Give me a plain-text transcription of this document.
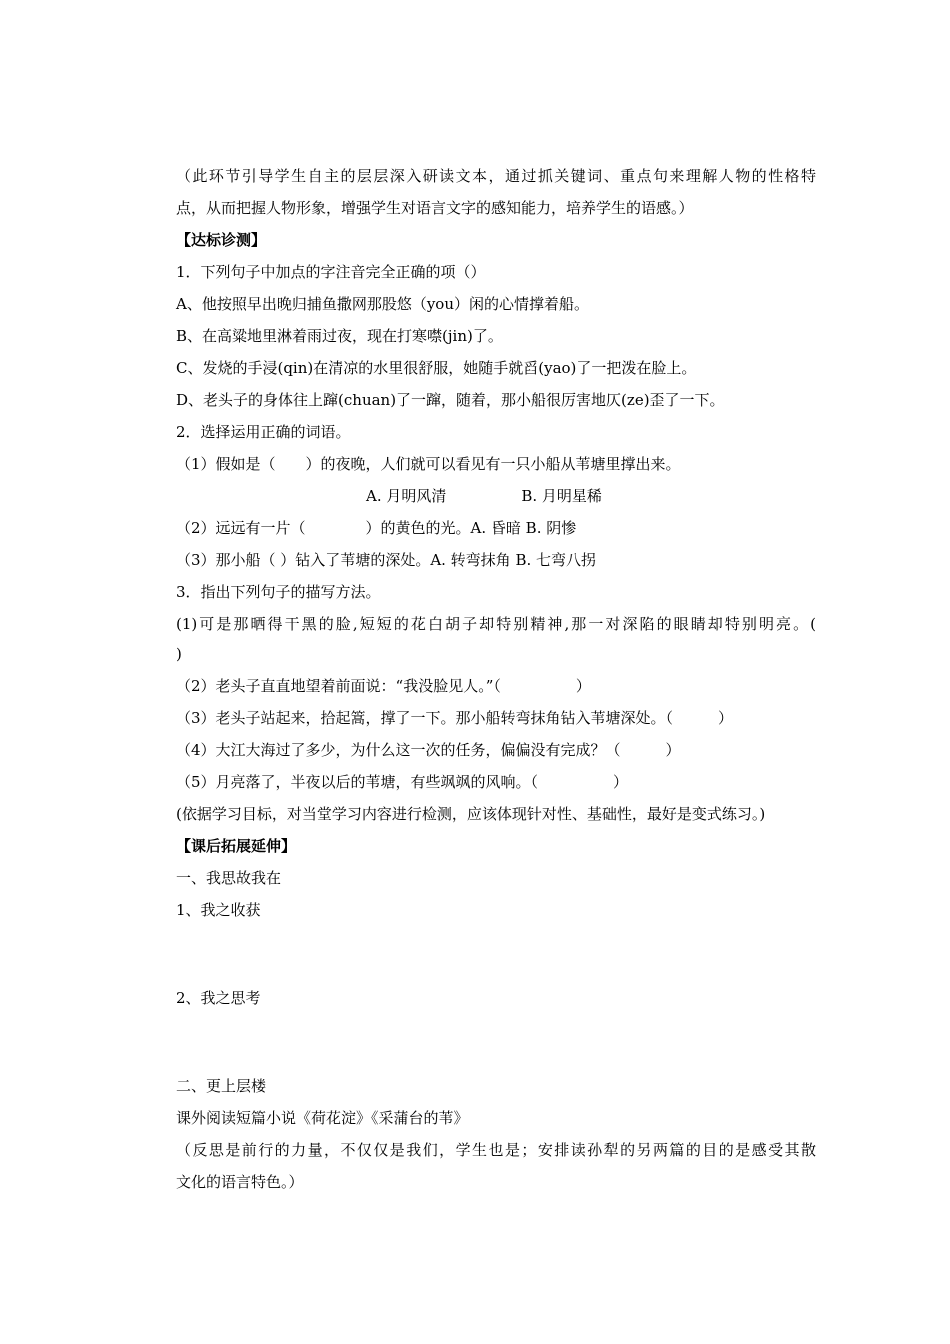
（此环节引导学生自主的层层深入研读文本，通过抓关键词、重点句来理解人物的性格特
点，从而把握人物形象，增强学生对语言文字的感知能力，培养学生的语感。）
【达标诊测】
1．下列句子中加点的字注音完全正确的项（）
A、他按照早出晚归捕鱼撒网那股悠（you）闲的心情撑着船。
B、在高粱地里淋着雨过夜，现在打寒噤(jin)了。
C、发烧的手浸(qin)在清凉的水里很舒服，她随手就舀(yao)了一把泼在脸上。
D、老头子的身体往上蹿(chuan)了一蹿，随着，那小船很厉害地仄(ze)歪了一下。
2．选择运用正确的词语。
（1）假如是（　　）的夜晚，人们就可以看见有一只小船从苇塘里撑出来。
A. 月明风清　　　　　B. 月明星稀
（2）远远有一片（　　　　）的黄色的光。A. 昏暗 B. 阴惨
（3）那小船（ ）钻入了苇塘的深处。A. 转弯抹角 B. 七弯八拐
3．指出下列句子的描写方法。
(1)可是那晒得干黑的脸,短短的花白胡子却特别精神,那一对深陷的眼睛却特别明亮。(
)
（2）老头子直直地望着前面说：“我没脸见人。”（　　　　　）
（3）老头子站起来，拾起篙，撑了一下。那小船转弯抹角钻入苇塘深处。（　　　）
（4）大江大海过了多少，为什么这一次的任务，偏偏没有完成？（　　　）
（5）月亮落了，半夜以后的苇塘，有些飒飒的风响。（　　　　　）
(依据学习目标，对当堂学习内容进行检测，应该体现针对性、基础性，最好是变式练习。)
【课后拓展延伸】
一、我思故我在
1、我之收获
2、我之思考
二、更上层楼
课外阅读短篇小说《荷花淀》《采蒲台的苇》
（反思是前行的力量，不仅仅是我们，学生也是；安排读孙犁的另两篇的目的是感受其散
文化的语言特色。）
